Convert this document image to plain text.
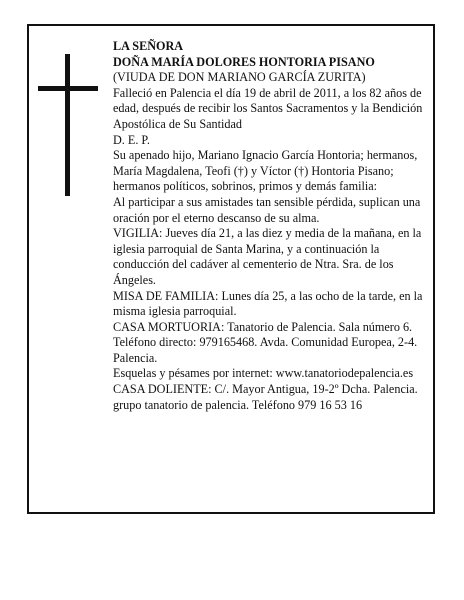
LA SEÑORA

DOÑA MARÍA DOLORES HONTORIA PISANO

(VIUDA DE DON MARIANO GARCÍA ZURITA)

Falleció en Palencia el día 19 de abril de 2011, a los 82 años de edad, después de recibir los Santos Sacramentos y la Bendición Apostólica de Su Santidad

D. E. P.

Su apenado hijo, Mariano Ignacio García Hontoria; hermanos, María Magdalena, Teofi (†) y Víctor (†) Hontoria Pisano; hermanos políticos, sobrinos, primos y demás familia:

Al participar a sus amistades tan sensible pérdida, suplican una oración por el eterno descanso de su alma.

VIGILIA: Jueves día 21, a las diez y media de la mañana, en la iglesia parroquial de Santa Marina, y a continuación la conducción del cadáver al cementerio de Ntra. Sra. de los Ángeles.

MISA DE FAMILIA: Lunes día 25, a las ocho de la tarde, en la misma iglesia parroquial.

CASA MORTUORIA: Tanatorio de Palencia. Sala número 6. Teléfono directo: 979165468. Avda. Comunidad Europea, 2-4. Palencia.

Esquelas y pésames por internet: www.tanatoriodepalencia.es

CASA DOLIENTE: C/. Mayor Antigua, 19-2º Dcha. Palencia.

grupo tanatorio de palencia. Teléfono 979 16 53 16
